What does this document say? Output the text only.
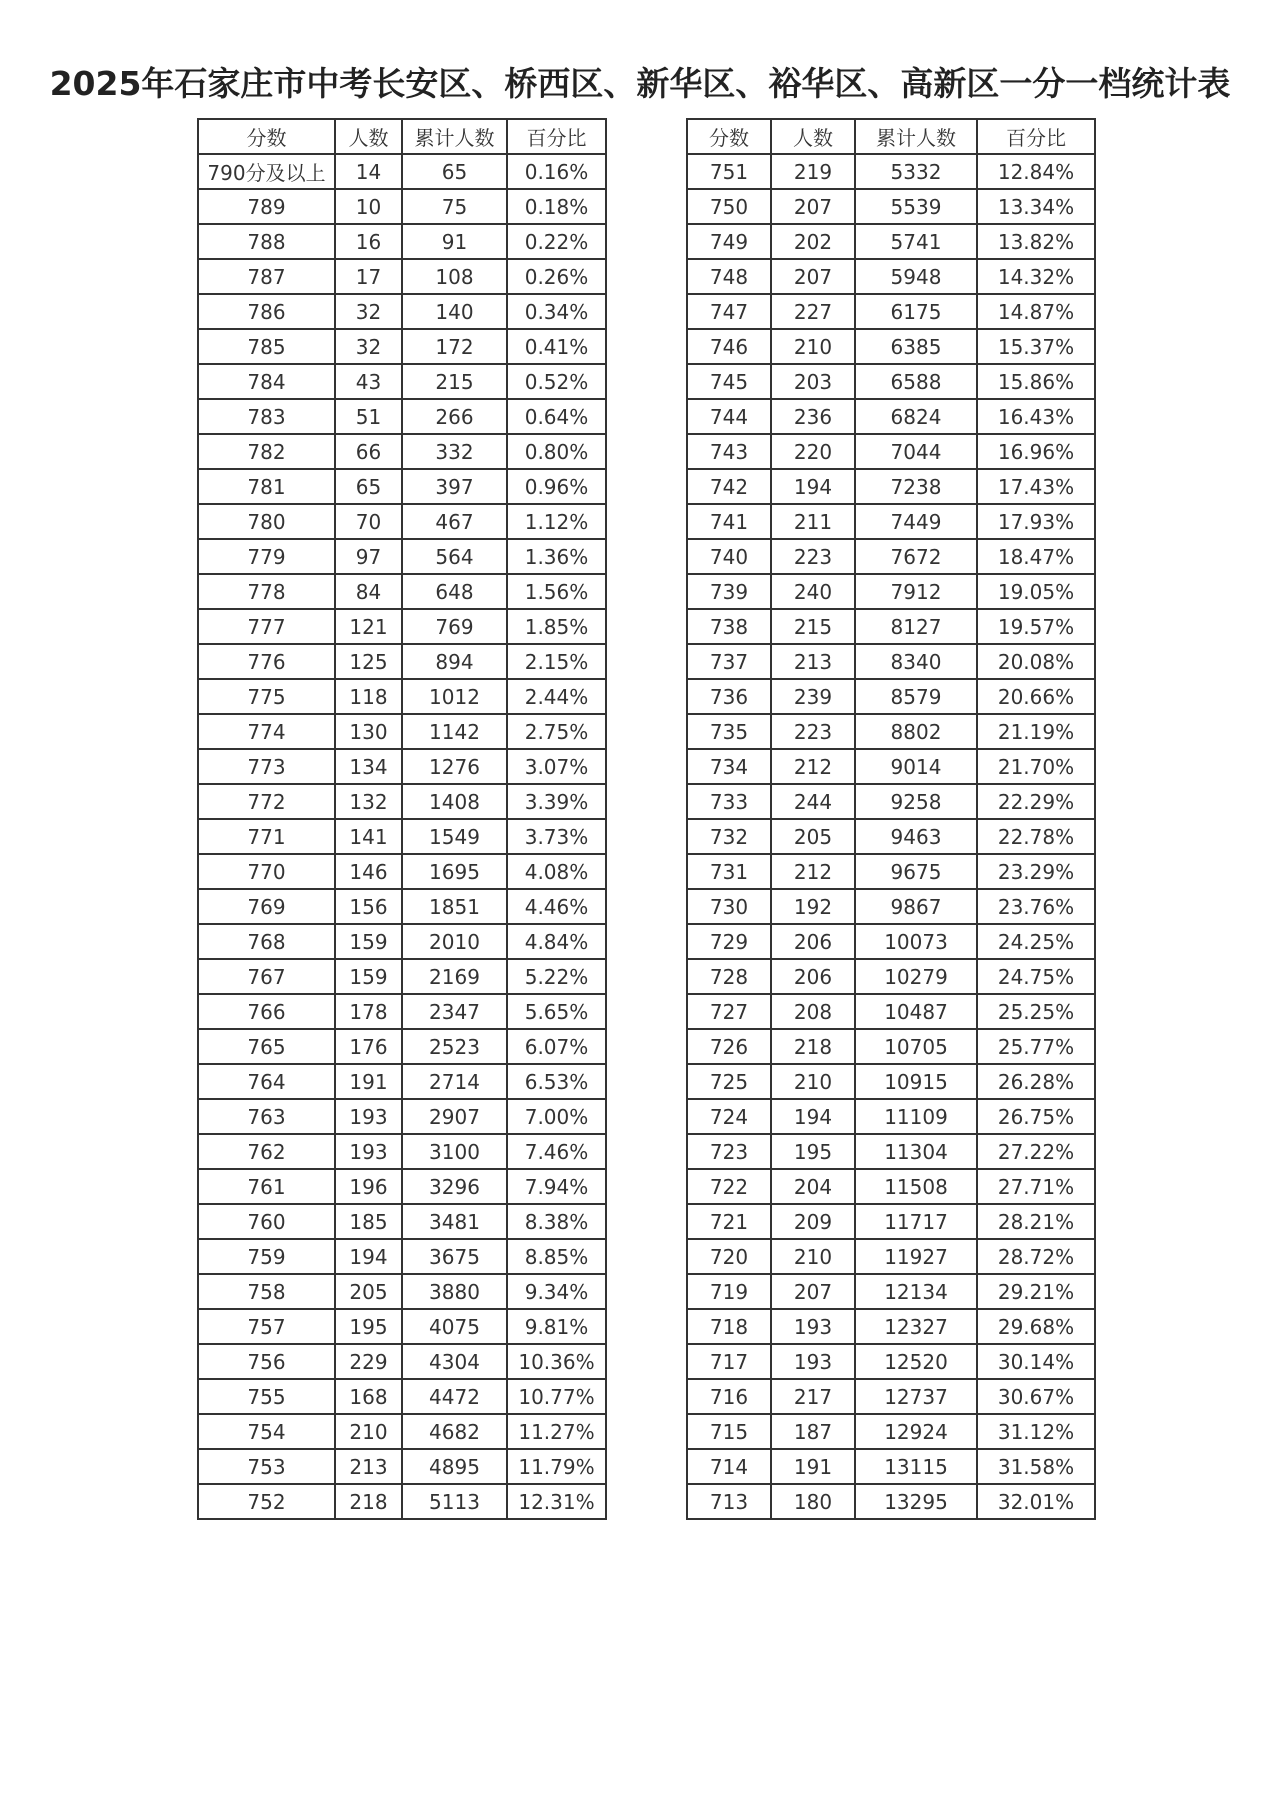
2025年石家庄市中考长安区、桥西区、新华区、裕华区、高新区一分一档统计表
分数	人数	累计人数	百分比
790分及以上	14	65	0.16%
789	10	75	0.18%
788	16	91	0.22%
787	17	108	0.26%
786	32	140	0.34%
785	32	172	0.41%
784	43	215	0.52%
783	51	266	0.64%
782	66	332	0.80%
781	65	397	0.96%
780	70	467	1.12%
779	97	564	1.36%
778	84	648	1.56%
777	121	769	1.85%
776	125	894	2.15%
775	118	1012	2.44%
774	130	1142	2.75%
773	134	1276	3.07%
772	132	1408	3.39%
771	141	1549	3.73%
770	146	1695	4.08%
769	156	1851	4.46%
768	159	2010	4.84%
767	159	2169	5.22%
766	178	2347	5.65%
765	176	2523	6.07%
764	191	2714	6.53%
763	193	2907	7.00%
762	193	3100	7.46%
761	196	3296	7.94%
760	185	3481	8.38%
759	194	3675	8.85%
758	205	3880	9.34%
757	195	4075	9.81%
756	229	4304	10.36%
755	168	4472	10.77%
754	210	4682	11.27%
753	213	4895	11.79%
752	218	5113	12.31%
分数	人数	累计人数	百分比
751	219	5332	12.84%
750	207	5539	13.34%
749	202	5741	13.82%
748	207	5948	14.32%
747	227	6175	14.87%
746	210	6385	15.37%
745	203	6588	15.86%
744	236	6824	16.43%
743	220	7044	16.96%
742	194	7238	17.43%
741	211	7449	17.93%
740	223	7672	18.47%
739	240	7912	19.05%
738	215	8127	19.57%
737	213	8340	20.08%
736	239	8579	20.66%
735	223	8802	21.19%
734	212	9014	21.70%
733	244	9258	22.29%
732	205	9463	22.78%
731	212	9675	23.29%
730	192	9867	23.76%
729	206	10073	24.25%
728	206	10279	24.75%
727	208	10487	25.25%
726	218	10705	25.77%
725	210	10915	26.28%
724	194	11109	26.75%
723	195	11304	27.22%
722	204	11508	27.71%
721	209	11717	28.21%
720	210	11927	28.72%
719	207	12134	29.21%
718	193	12327	29.68%
717	193	12520	30.14%
716	217	12737	30.67%
715	187	12924	31.12%
714	191	13115	31.58%
713	180	13295	32.01%
